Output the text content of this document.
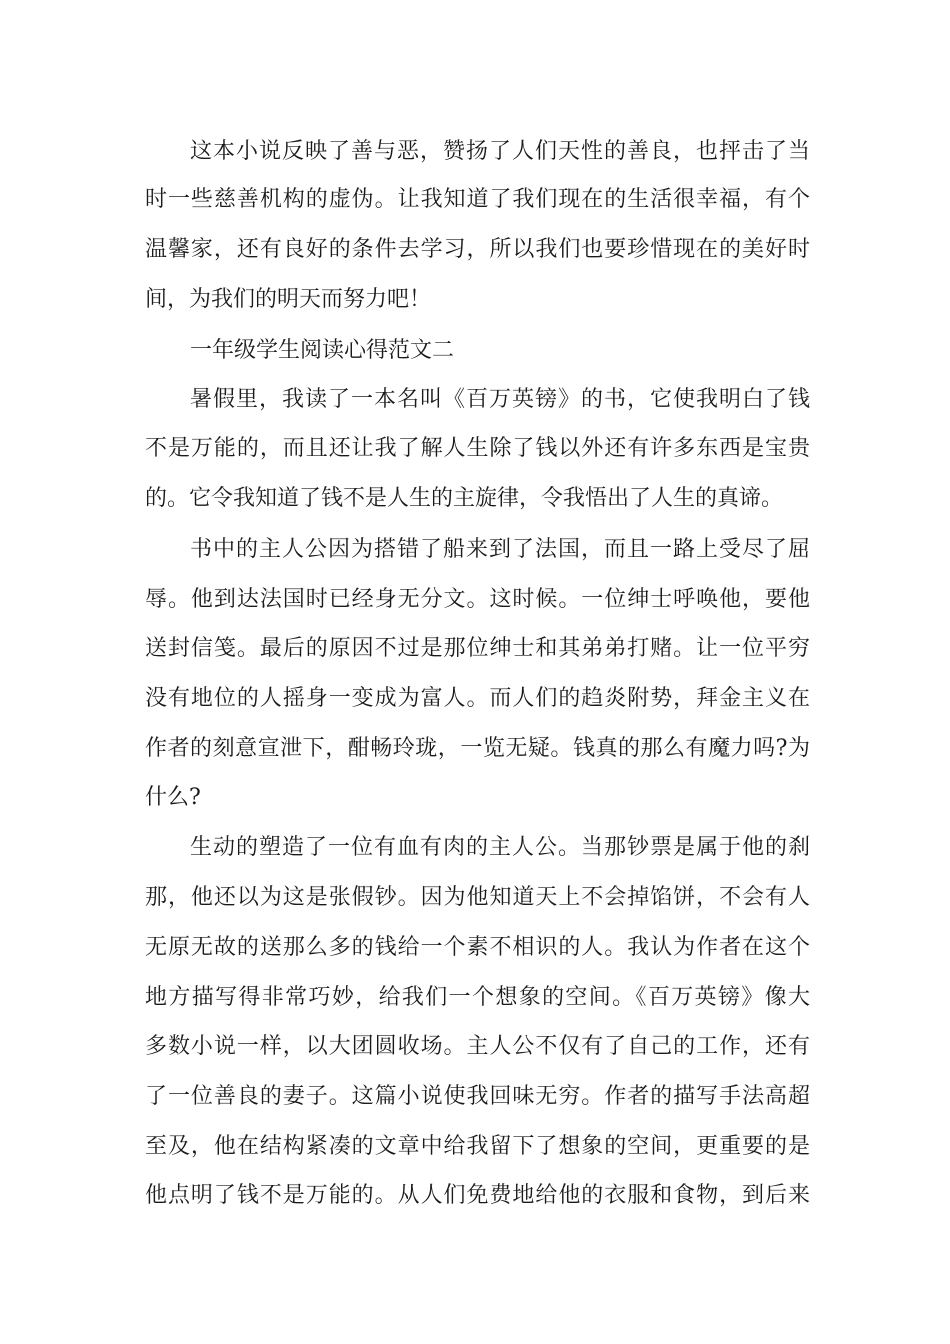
这本小说反映了善与恶，赞扬了人们天性的善良，也抨击了当

时一些慈善机构的虚伪。让我知道了我们现在的生活很幸福，有个

温馨家，还有良好的条件去学习，所以我们也要珍惜现在的美好时

间，为我们的明天而努力吧！

一年级学生阅读心得范文二

暑假里，我读了一本名叫《百万英镑》的书，它使我明白了钱

不是万能的，而且还让我了解人生除了钱以外还有许多东西是宝贵

的。它令我知道了钱不是人生的主旋律，令我悟出了人生的真谛。

书中的主人公因为搭错了船来到了法国，而且一路上受尽了屈

辱。他到达法国时已经身无分文。这时候。一位绅士呼唤他，要他

送封信笺。最后的原因不过是那位绅士和其弟弟打赌。让一位平穷

没有地位的人摇身一变成为富人。而人们的趋炎附势，拜金主义在

作者的刻意宣泄下，酣畅玲珑，一览无疑。钱真的那么有魔力吗?为

什么?

生动的塑造了一位有血有肉的主人公。当那钞票是属于他的刹

那，他还以为这是张假钞。因为他知道天上不会掉馅饼，不会有人

无原无故的送那么多的钱给一个素不相识的人。我认为作者在这个

地方描写得非常巧妙，给我们一个想象的空间。《百万英镑》像大

多数小说一样，以大团圆收场。主人公不仅有了自己的工作，还有

了一位善良的妻子。这篇小说使我回味无穷。作者的描写手法高超

至及，他在结构紧凑的文章中给我留下了想象的空间，更重要的是

他点明了钱不是万能的。从人们免费地给他的衣服和食物，到后来
